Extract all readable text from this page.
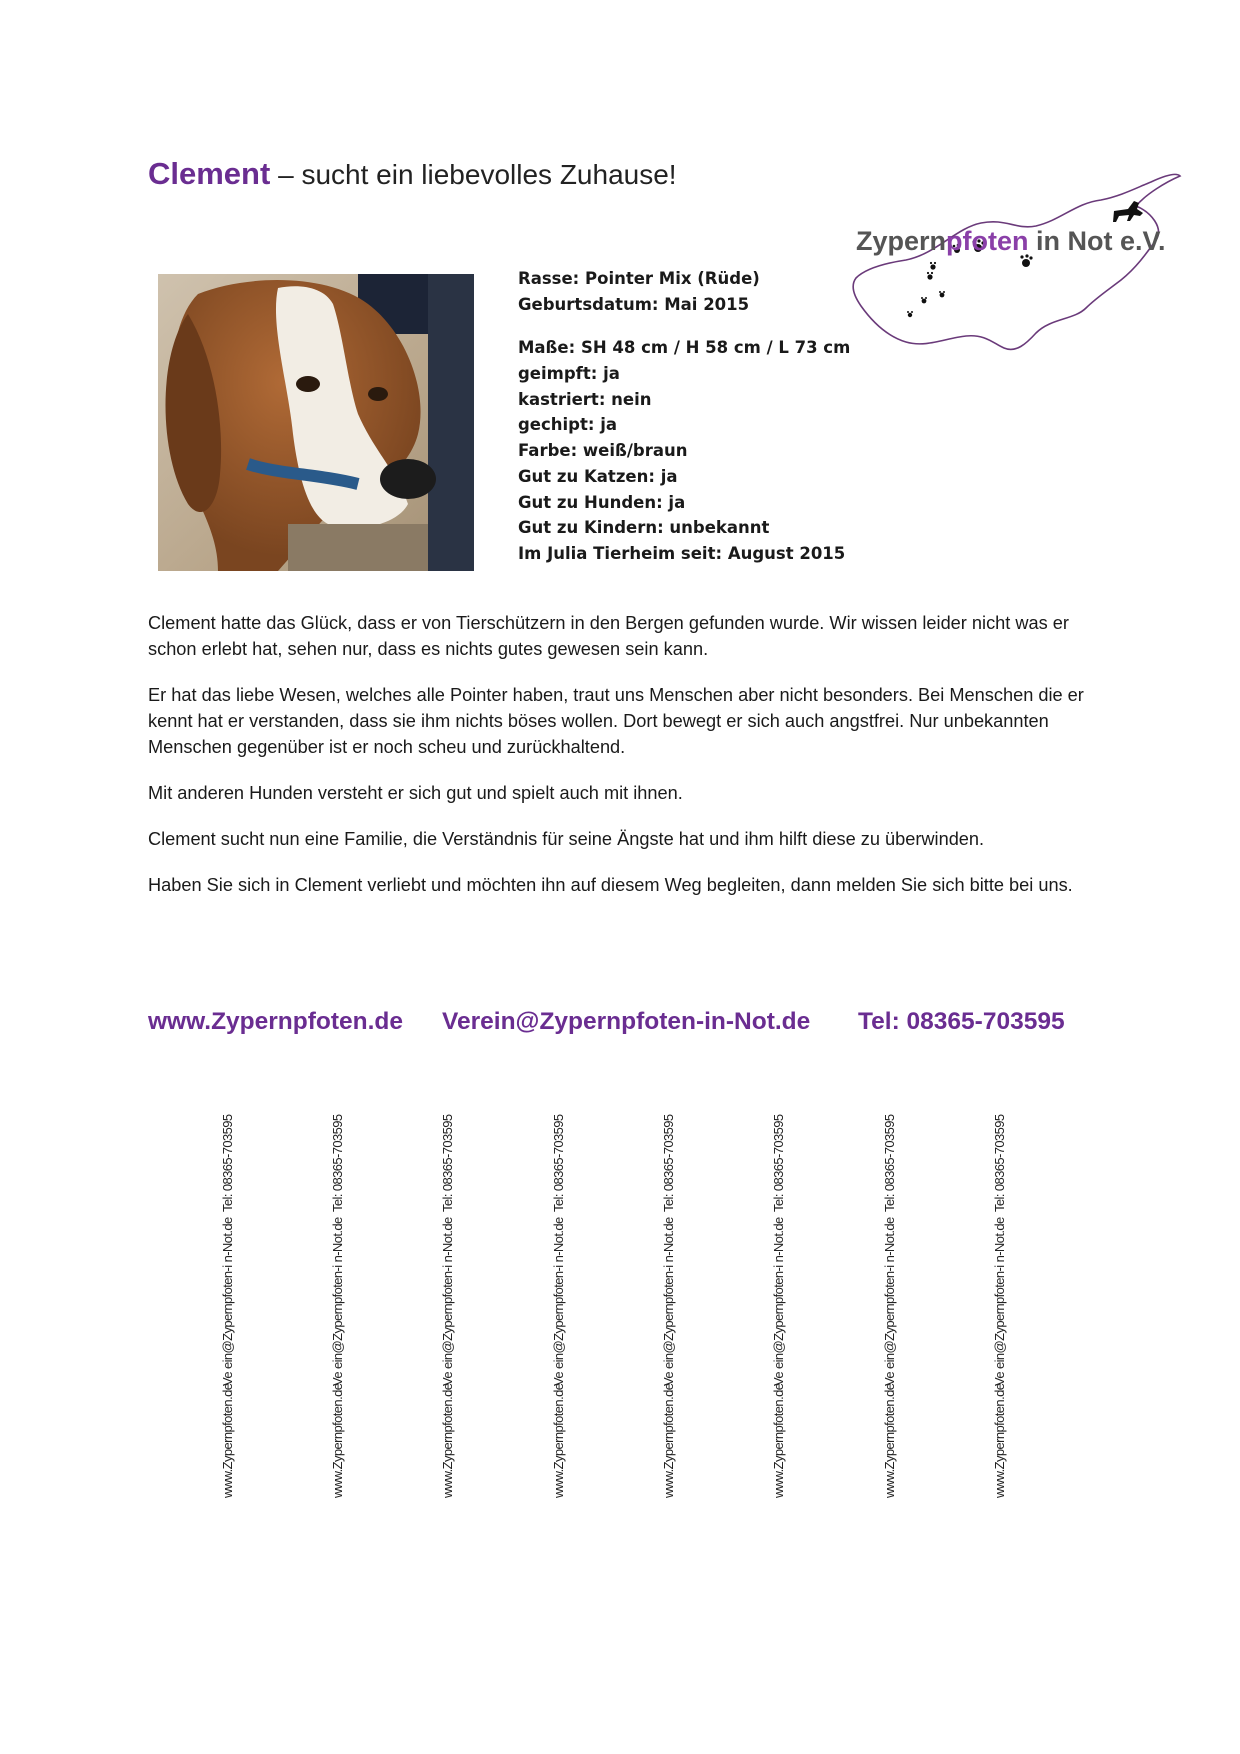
Clement – sucht ein liebevolles Zuhause!
Zypernpfoten in Not e.V.
Rasse: Pointer Mix (Rüde)
Geburtsdatum: Mai 2015
Maße: SH 48 cm / H 58 cm / L 73 cm
geimpft: ja
kastriert: nein
gechipt: ja
Farbe: weiß/braun
Gut zu Katzen: ja
Gut zu Hunden: ja
Gut zu Kindern: unbekannt
Im Julia Tierheim seit: August 2015

Clement hatte das Glück, dass er von Tierschützern in den Bergen gefunden wurde. Wir wissen leider nicht was er schon erlebt hat, sehen nur, dass es nichts gutes gewesen sein kann.

Er hat das liebe Wesen, welches alle Pointer haben, traut uns Menschen aber nicht besonders. Bei Menschen die er kennt hat er verstanden, dass sie ihm nichts böses wollen. Dort bewegt er sich auch angstfrei. Nur unbekannten Menschen gegenüber ist er noch scheu und zurückhaltend.

Mit anderen Hunden versteht er sich gut und spielt auch mit ihnen.

Clement sucht nun eine Familie, die Verständnis für seine Ängste hat und ihm hilft diese zu überwinden.

Haben Sie sich in Clement verliebt und möchten ihn auf diesem Weg begleiten, dann melden Sie sich bitte bei uns.

www.Zypernpfoten.de Verein@Zypernpfoten-in-Not.de Tel: 08365-703595
www.Zypernpfoten.deVe ein@Zypernpfoten-i n-Not.deTel: 08365-703595
www.Zypernpfoten.deVe ein@Zypernpfoten-i n-Not.deTel: 08365-703595
www.Zypernpfoten.deVe ein@Zypernpfoten-i n-Not.deTel: 08365-703595
www.Zypernpfoten.deVe ein@Zypernpfoten-i n-Not.deTel: 08365-703595
www.Zypernpfoten.deVe ein@Zypernpfoten-i n-Not.deTel: 08365-703595
www.Zypernpfoten.deVe ein@Zypernpfoten-i n-Not.deTel: 08365-703595
www.Zypernpfoten.deVe ein@Zypernpfoten-i n-Not.deTel: 08365-703595
www.Zypernpfoten.deVe ein@Zypernpfoten-i n-Not.deTel: 08365-703595
